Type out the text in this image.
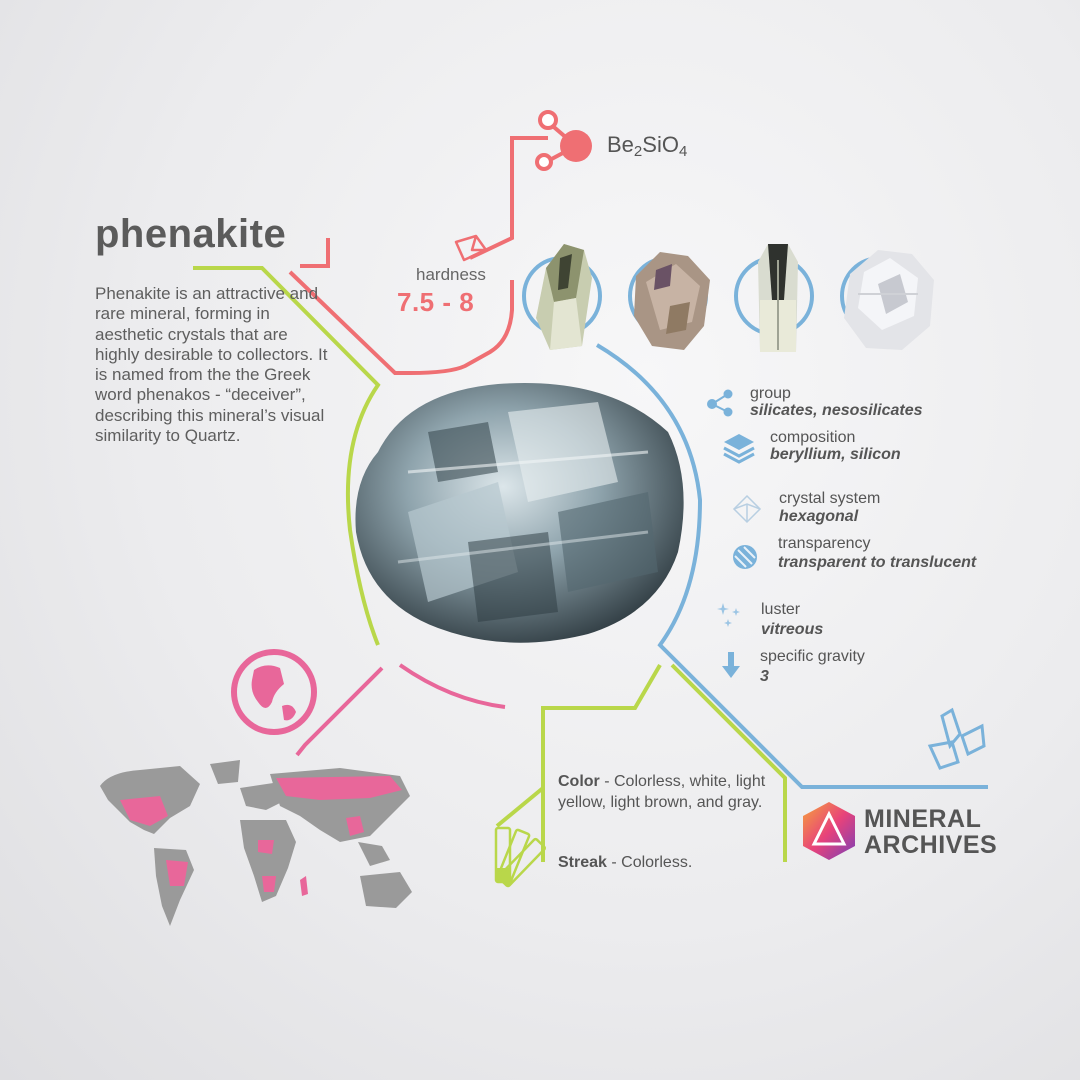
phenakite
Phenakite is an attractive and rare mineral, forming in aesthetic crystals that are highly desirable to collectors. It is named from the the Greek word phenakos - “deceiver”, describing this mineral’s visual similarity to Quartz.
$Be_2SiO_4$
hardness
7.5 - 8
group
silicates, nesosilicates
composition
beryllium, silicon
crystal system
hexagonal
transparency
transparent to translucent
luster
vitreous
specific gravity
3
Color - Colorless, white, light yellow, light brown, and gray.
Streak - Colorless.
MINERAL
ARCHIVES
